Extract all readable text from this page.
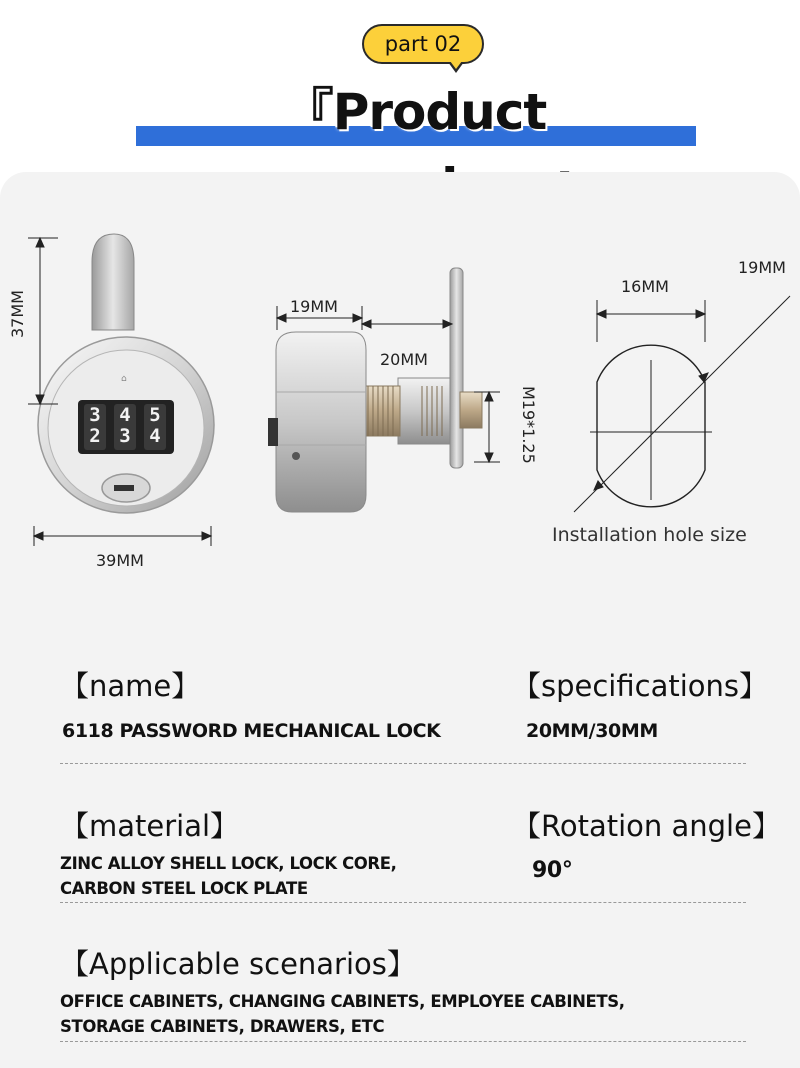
part 02
『Product
⌂
3 4 5
2 3 4
37MM
39MM
19MM
20MM
M19*1.25
16MM
19MM
Installation hole size
【name】
6118 PASSWORD MECHANICAL LOCK
【specifications】
20MM/30MM
【material】
ZINC ALLOY SHELL LOCK, LOCK CORE,
CARBON STEEL LOCK PLATE
【Rotation angle】
90°
【Applicable scenarios】
OFFICE CABINETS, CHANGING CABINETS, EMPLOYEE CABINETS,
STORAGE CABINETS, DRAWERS, ETC
